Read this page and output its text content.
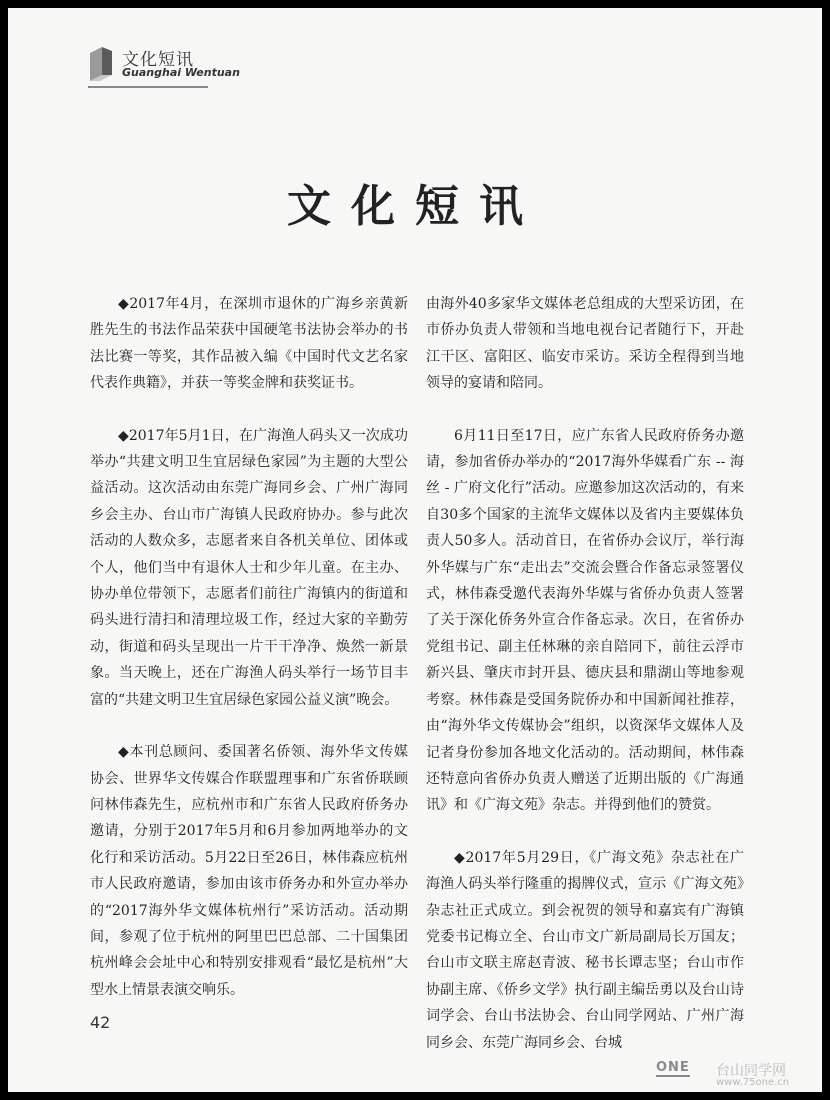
文化短讯
Guanghai Wentuan
文化短讯

◆2017年4月，在深圳市退休的广海乡亲黄新胜先生的书法作品荣获中国硬笔书法协会举办的书法比赛一等奖，其作品被入编《中国时代文艺名家代表作典籍》，并获一等奖金牌和获奖证书。

◆2017年5月1日，在广海渔人码头又一次成功举办“共建文明卫生宜居绿色家园”为主题的大型公益活动。这次活动由东莞广海同乡会、广州广海同乡会主办、台山市广海镇人民政府协办。参与此次活动的人数众多，志愿者来自各机关单位、团体或个人，他们当中有退休人士和少年儿童。在主办、协办单位带领下，志愿者们前往广海镇内的街道和码头进行清扫和清理垃圾工作，经过大家的辛勤劳动，街道和码头呈现出一片干干净净、焕然一新景象。当天晚上，还在广海渔人码头举行一场节目丰富的“共建文明卫生宜居绿色家园公益义演”晚会。

◆本刊总顾问、委国著名侨领、海外华文传媒协会、世界华文传媒合作联盟理事和广东省侨联顾问林伟森先生，应杭州市和广东省人民政府侨务办邀请，分别于2017年5月和6月参加两地举办的文化行和采访活动。5月22日至26日，林伟森应杭州市人民政府邀请，参加由该市侨务办和外宣办举办的“2017海外华文媒体杭州行”采访活动。活动期间，参观了位于杭州的阿里巴巴总部、二十国集团杭州峰会会址中心和特别安排观看“最忆是杭州”大型水上情景表演交响乐。

由海外40多家华文媒体老总组成的大型采访团，在市侨办负责人带领和当地电视台记者随行下，开赴江干区、富阳区、临安市采访。采访全程得到当地领导的宴请和陪同。

6月11日至17日，应广东省人民政府侨务办邀请，参加省侨办举办的“2017海外华媒看广东 -- 海丝 - 广府文化行”活动。应邀参加这次活动的，有来自30多个国家的主流华文媒体以及省内主要媒体负责人50多人。活动首日，在省侨办会议厅，举行海外华媒与广东“走出去”交流会暨合作备忘录签署仪式，林伟森受邀代表海外华媒与省侨办负责人签署了关于深化侨务外宣合作备忘录。次日，在省侨办党组书记、副主任林琳的亲自陪同下，前往云浮市新兴县、肇庆市封开县、德庆县和鼎湖山等地参观考察。林伟森是受国务院侨办和中国新闻社推荐，由“海外华文传媒协会”组织，以资深华文媒体人及记者身份参加各地文化活动的。活动期间，林伟森还特意向省侨办负责人赠送了近期出版的《广海通讯》和《广海文苑》杂志。并得到他们的赞赏。

◆2017年5月29日，《广海文苑》杂志社在广海渔人码头举行隆重的揭牌仪式，宣示《广海文苑》杂志社正式成立。到会祝贺的领导和嘉宾有广海镇党委书记梅立全、台山市文广新局副局长万国友；台山市文联主席赵青波、秘书长谭志坚；台山市作协副主席、《侨乡文学》执行副主编岳勇以及台山诗词学会、台山书法协会、台山同学网站、广州广海同乡会、东莞广海同乡会、台城

42
ONE 台山同学网
www.75one.cn
